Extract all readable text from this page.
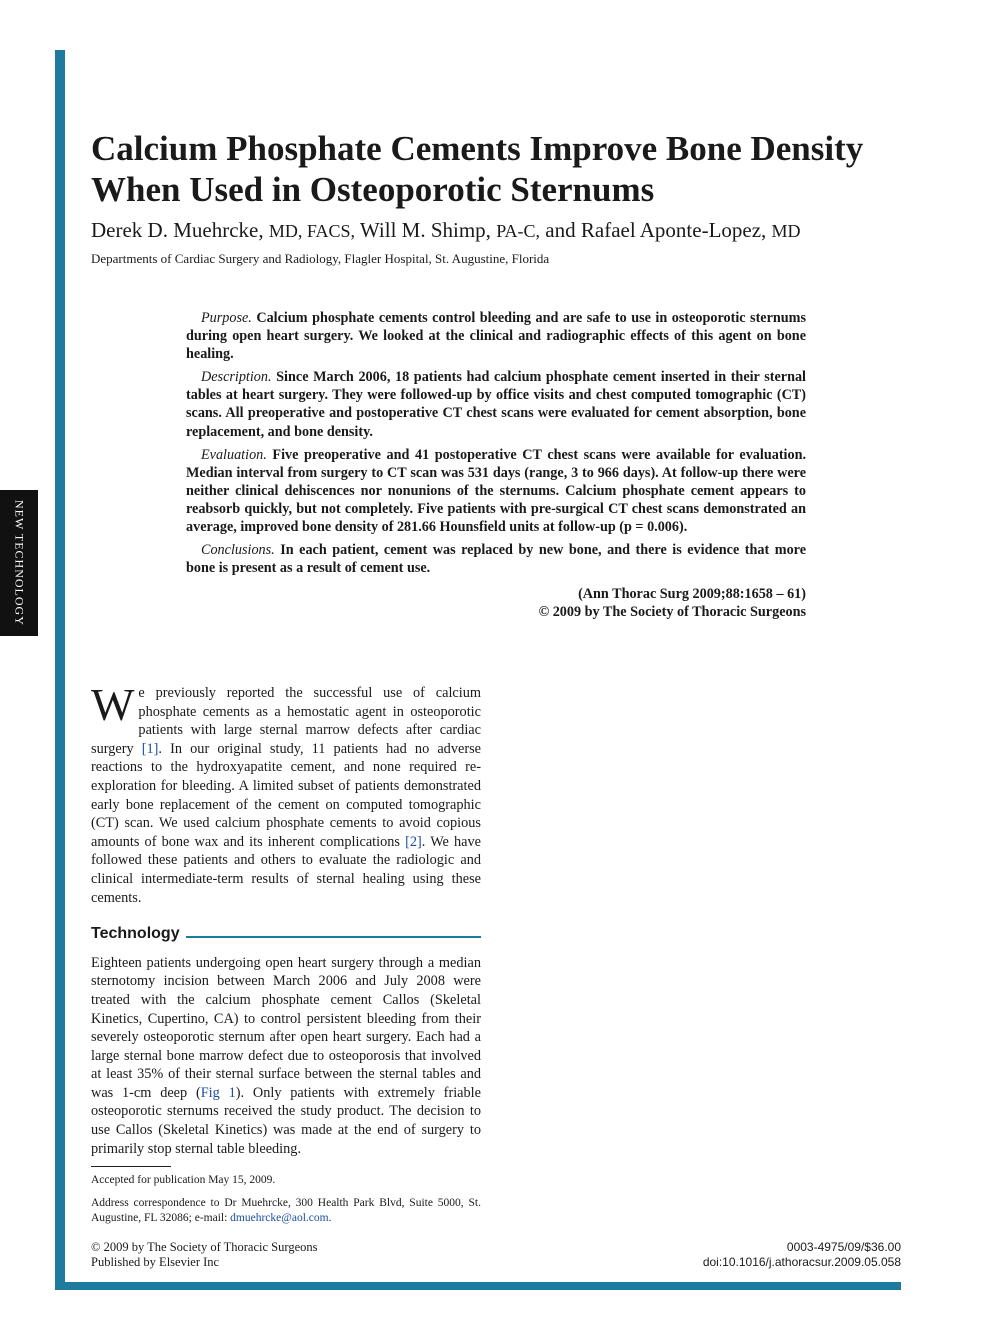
NEW TECHNOLOGY
Calcium Phosphate Cements Improve Bone Density When Used in Osteoporotic Sternums
Derek D. Muehrcke, MD, FACS, Will M. Shimp, PA-C, and Rafael Aponte-Lopez, MD
Departments of Cardiac Surgery and Radiology, Flagler Hospital, St. Augustine, Florida

Purpose. Calcium phosphate cements control bleeding and are safe to use in osteoporotic sternums during open heart surgery. We looked at the clinical and radiographic effects of this agent on bone healing.

Description. Since March 2006, 18 patients had calcium phosphate cement inserted in their sternal tables at heart surgery. They were followed-up by office visits and chest computed tomographic (CT) scans. All preoperative and postoperative CT chest scans were evaluated for cement absorption, bone replacement, and bone density.

Evaluation. Five preoperative and 41 postoperative CT chest scans were available for evaluation. Median interval from surgery to CT scan was 531 days (range, 3 to 966 days). At follow-up there were neither clinical dehiscences nor nonunions of the sternums. Calcium phosphate cement appears to reabsorb quickly, but not completely. Five patients with pre-surgical CT chest scans demonstrated an average, improved bone density of 281.66 Hounsfield units at follow-up (p = 0.006).

Conclusions. In each patient, cement was replaced by new bone, and there is evidence that more bone is present as a result of cement use.

(Ann Thorac Surg 2009;88:1658 – 61)

© 2009 by The Society of Thoracic Surgeons

We previously reported the successful use of calcium phosphate cements as a hemostatic agent in osteoporotic patients with large sternal marrow defects after cardiac surgery [1]. In our original study, 11 patients had no adverse reactions to the hydroxyapatite cement, and none required re-exploration for bleeding. A limited subset of patients demonstrated early bone replacement of the cement on computed tomographic (CT) scan. We used calcium phosphate cements to avoid copious amounts of bone wax and its inherent complications [2]. We have followed these patients and others to evaluate the radiologic and clinical intermediate-term results of sternal healing using these cements.

Technology

Eighteen patients undergoing open heart surgery through a median sternotomy incision between March 2006 and July 2008 were treated with the calcium phosphate cement Callos (Skeletal Kinetics, Cupertino, CA) to control persistent bleeding from their severely osteoporotic sternum after open heart surgery. Each had a large sternal bone marrow defect due to osteoporosis that involved at least 35% of their sternal surface between the sternal tables and was 1-cm deep (Fig 1). Only patients with extremely friable osteoporotic sternums received the study product. The decision to use Callos (Skeletal Kinetics) was made at the end of surgery to primarily stop sternal table bleeding.

Accepted for publication May 15, 2009.
Address correspondence to Dr Muehrcke, 300 Health Park Blvd, Suite 5000, St. Augustine, FL 32086; e-mail: dmuehrcke@aol.com.
© 2009 by The Society of Thoracic Surgeons
Published by Elsevier Inc
0003-4975/09/$36.00
doi:10.1016/j.athoracsur.2009.05.058
